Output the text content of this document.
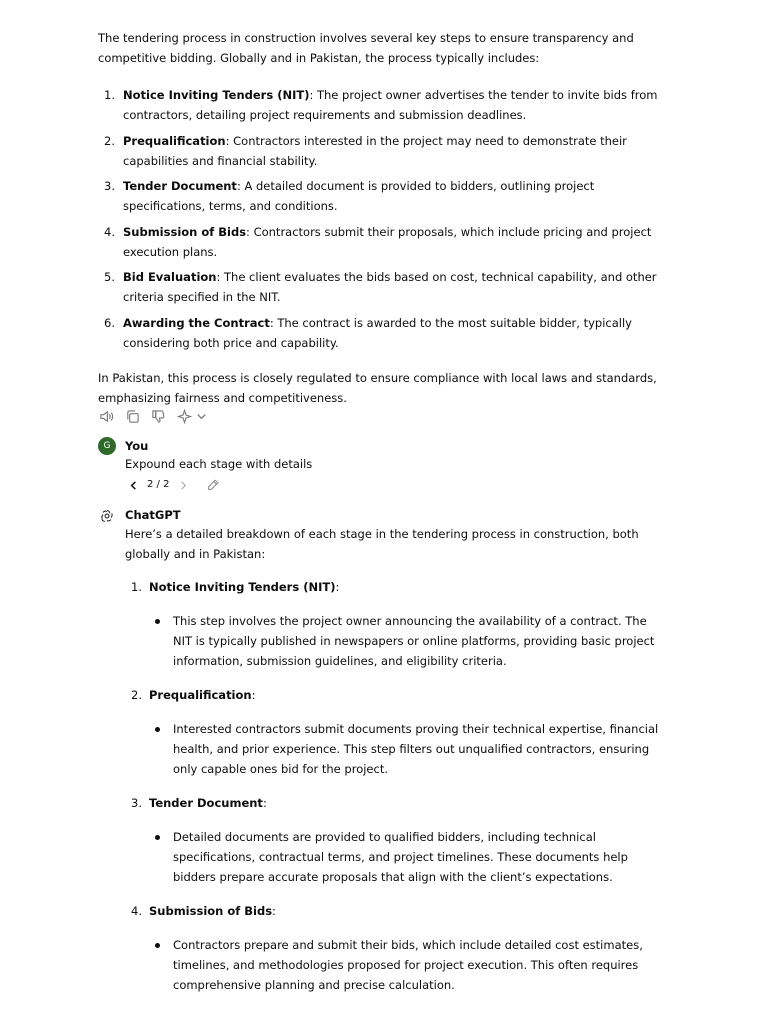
The tendering process in construction involves several key steps to ensure transparency and competitive bidding. Globally and in Pakistan, the process typically includes:

1. Notice Inviting Tenders (NIT): The project owner advertises the tender to invite bids from contractors, detailing project requirements and submission deadlines.
2. Prequalification: Contractors interested in the project may need to demonstrate their capabilities and financial stability.
3. Tender Document: A detailed document is provided to bidders, outlining project specifications, terms, and conditions.
4. Submission of Bids: Contractors submit their proposals, which include pricing and project execution plans.
5. Bid Evaluation: The client evaluates the bids based on cost, technical capability, and other criteria specified in the NIT.
6. Awarding the Contract: The contract is awarded to the most suitable bidder, typically considering both price and capability.

In Pakistan, this process is closely regulated to ensure compliance with local laws and standards, emphasizing fairness and competitiveness.

G	You
Expound each stage with details
2 / 2
ChatGPT
Here’s a detailed breakdown of each stage in the tendering process in construction, both globally and in Pakistan:
1. Notice Inviting Tenders (NIT):
This step involves the project owner announcing the availability of a contract. The NIT is typically published in newspapers or online platforms, providing basic project information, submission guidelines, and eligibility criteria.
2. Prequalification:
Interested contractors submit documents proving their technical expertise, financial health, and prior experience. This step filters out unqualified contractors, ensuring only capable ones bid for the project.
3. Tender Document:
Detailed documents are provided to qualified bidders, including technical specifications, contractual terms, and project timelines. These documents help bidders prepare accurate proposals that align with the client’s expectations.
4. Submission of Bids:
Contractors prepare and submit their bids, which include detailed cost estimates, timelines, and methodologies proposed for project execution. This often requires comprehensive planning and precise calculation.
